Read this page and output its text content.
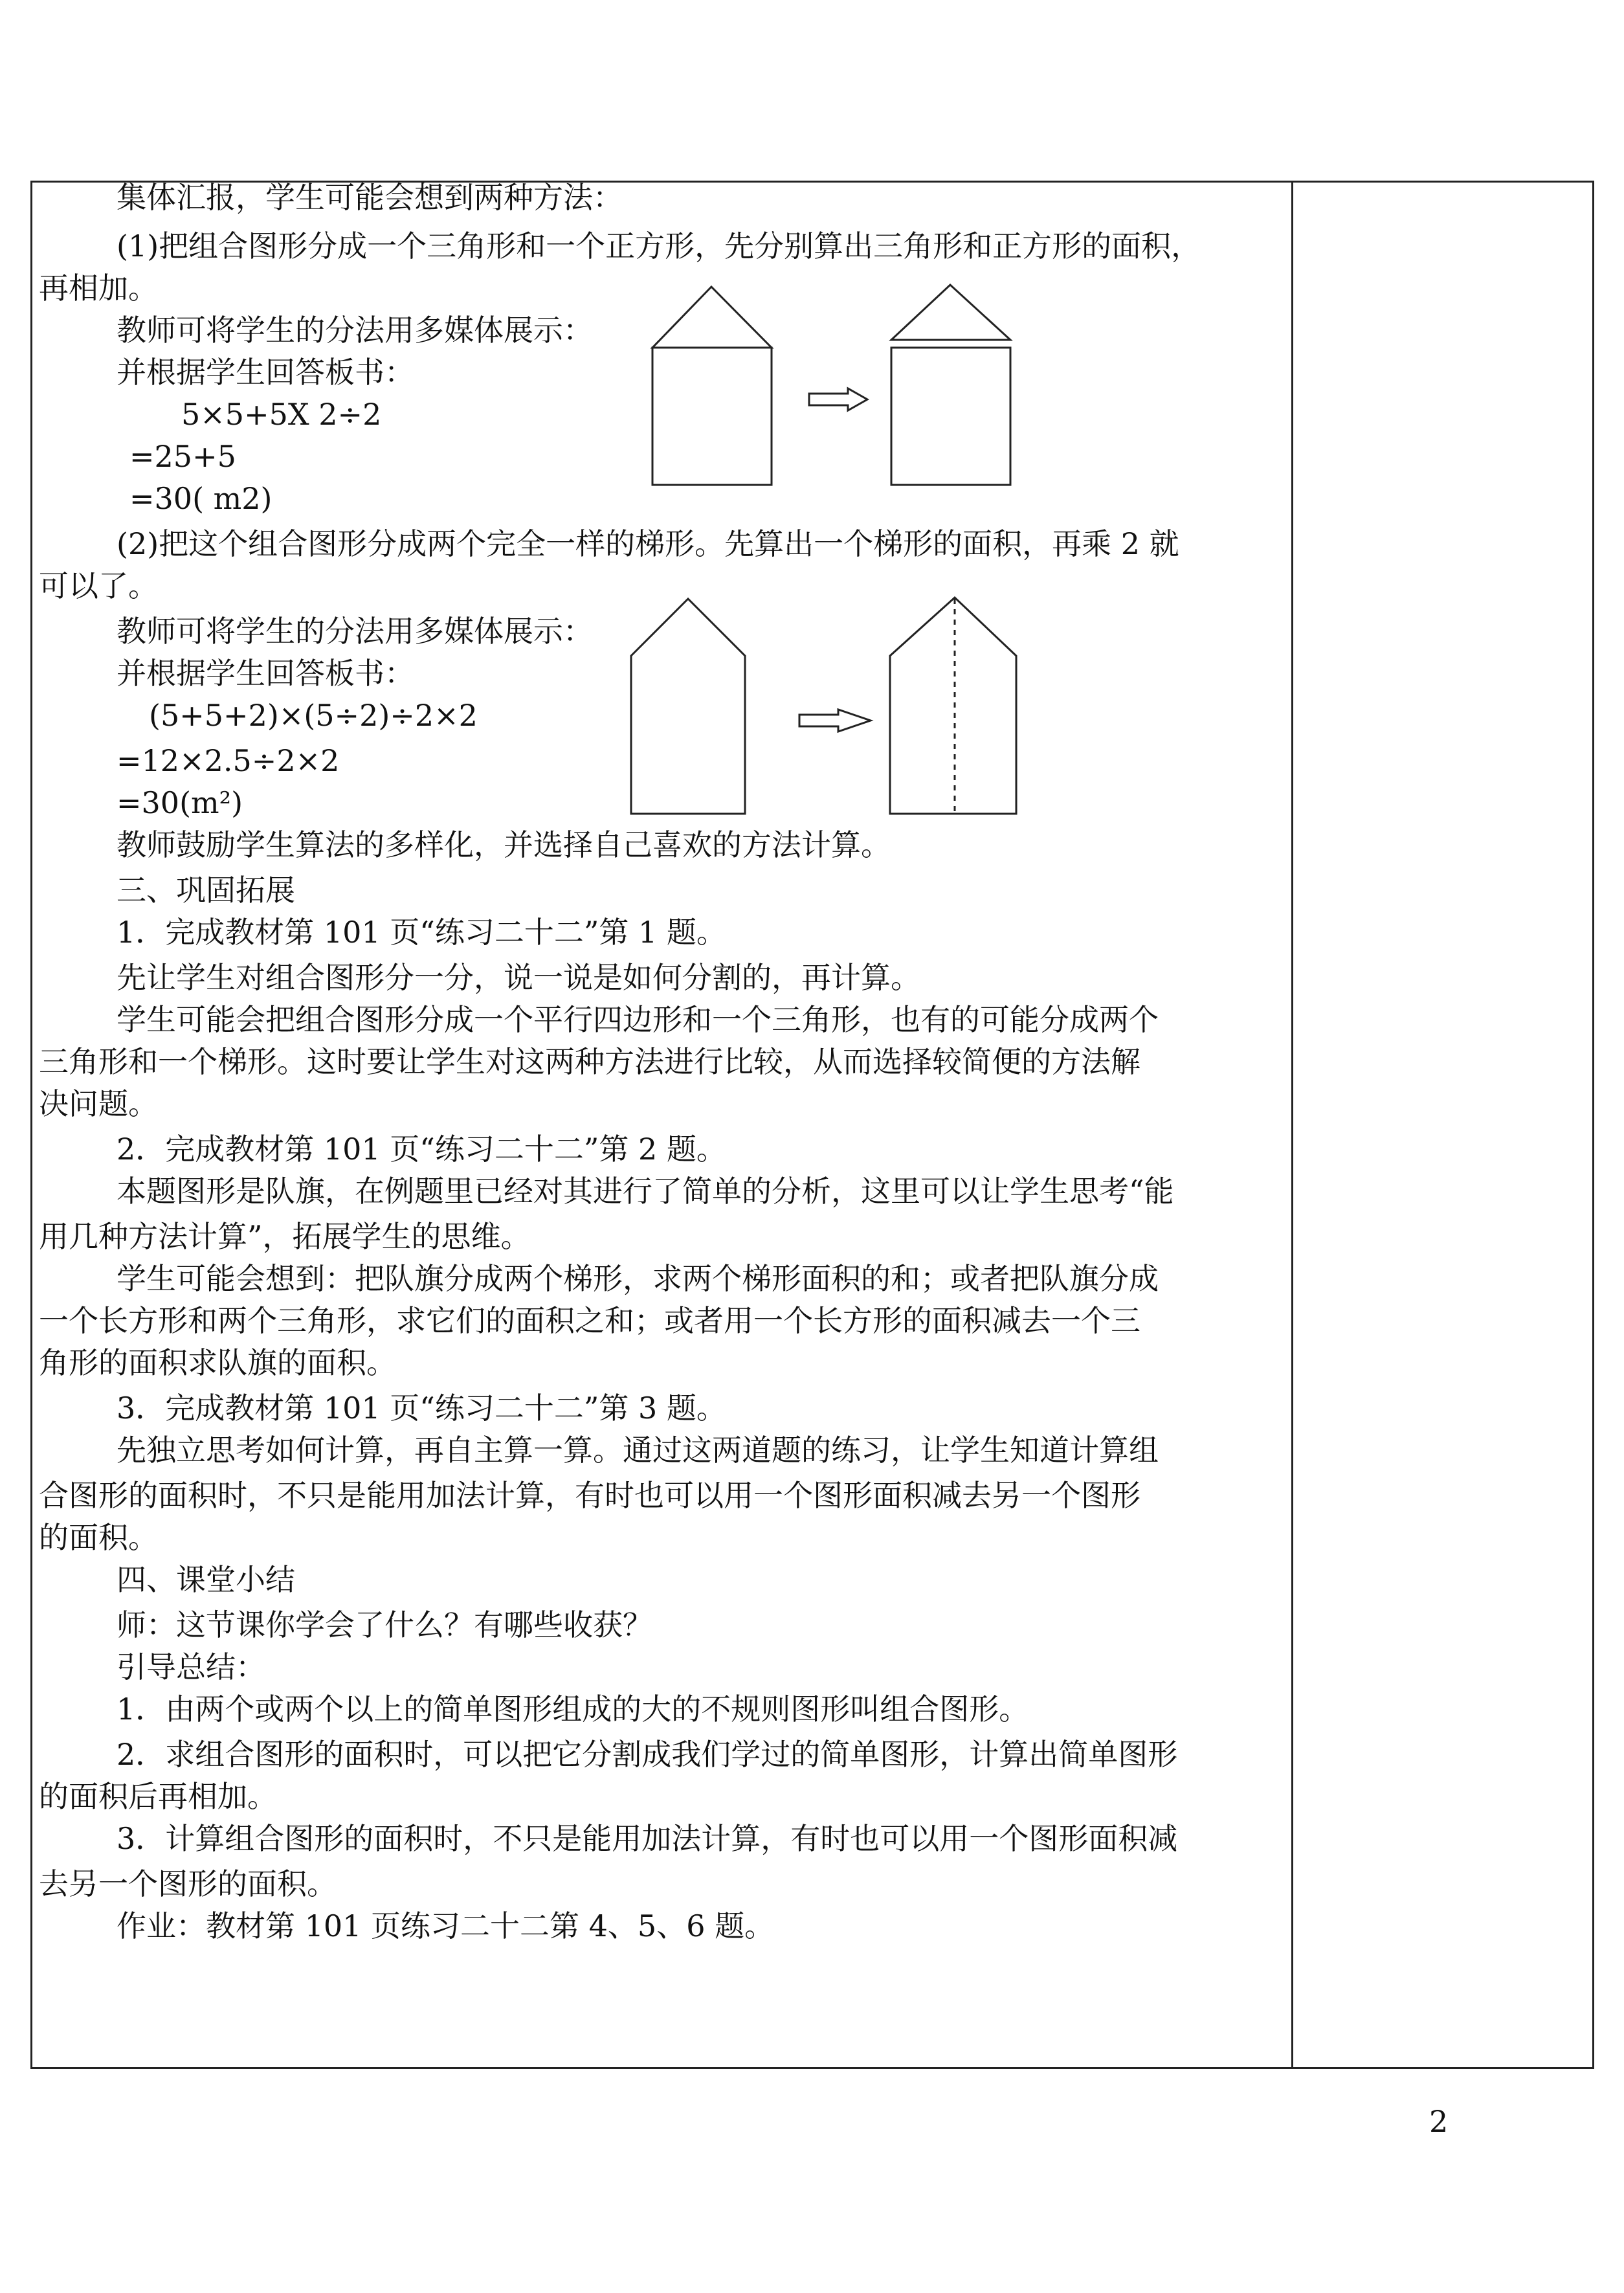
集体汇报，学生可能会想到两种方法：

(1)把组合图形分成一个三角形和一个正方形，先分别算出三角形和正方形的面积，

再相加。

教师可将学生的分法用多媒体展示：

并根据学生回答板书：

5×5+5X 2÷2

=25+5

=30( m2)

(2)把这个组合图形分成两个完全一样的梯形。先算出一个梯形的面积，再乘 2 就

可以了。

教师可将学生的分法用多媒体展示：

并根据学生回答板书：

(5+5+2)×(5÷2)÷2×2

=12×2.5÷2×2

=30(m²)

教师鼓励学生算法的多样化，并选择自己喜欢的方法计算。

三、巩固拓展

1．完成教材第 101 页“练习二十二”第 1 题。

先让学生对组合图形分一分，说一说是如何分割的，再计算。

学生可能会把组合图形分成一个平行四边形和一个三角形，也有的可能分成两个

三角形和一个梯形。这时要让学生对这两种方法进行比较，从而选择较简便的方法解

决问题。

2．完成教材第 101 页“练习二十二”第 2 题。

本题图形是队旗，在例题里已经对其进行了简单的分析，这里可以让学生思考“能

用几种方法计算”，拓展学生的思维。

学生可能会想到：把队旗分成两个梯形，求两个梯形面积的和；或者把队旗分成

一个长方形和两个三角形，求它们的面积之和；或者用一个长方形的面积减去一个三

角形的面积求队旗的面积。

3．完成教材第 101 页“练习二十二”第 3 题。

先独立思考如何计算，再自主算一算。通过这两道题的练习，让学生知道计算组

合图形的面积时，不只是能用加法计算，有时也可以用一个图形面积减去另一个图形

的面积。

四、课堂小结

师：这节课你学会了什么？有哪些收获？

引导总结：

1．由两个或两个以上的简单图形组成的大的不规则图形叫组合图形。

2．求组合图形的面积时，可以把它分割成我们学过的简单图形，计算出简单图形

的面积后再相加。

3．计算组合图形的面积时，不只是能用加法计算，有时也可以用一个图形面积减

去另一个图形的面积。

作业：教材第 101 页练习二十二第 4、5、6 题。

2
